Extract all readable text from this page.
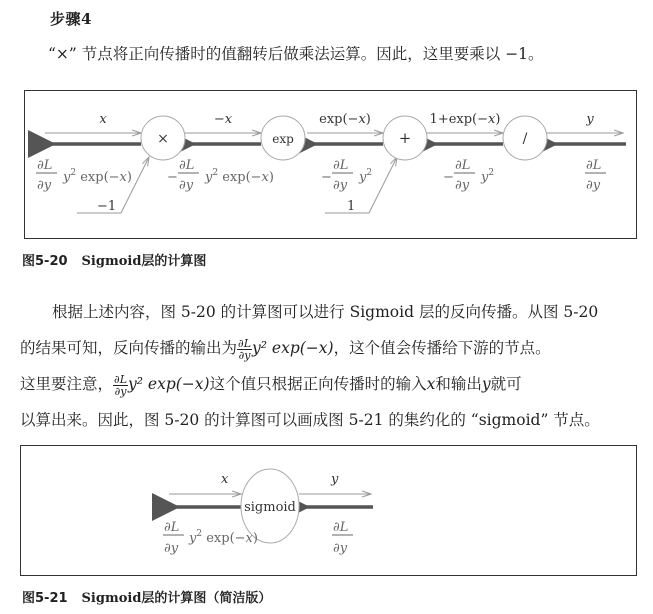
步骤4
“×” 节点将正向传播时的值翻转后做乘法运算。因此，这里要乘以 −1。
×	exp	+	/
x	−x	exp(−x)	1+exp(−x)	y
∂L
∂y
$y^2$ exp(−x)	−
∂L
∂y
$y^2$ exp(−x)	−
∂L
∂y
$y^2$	−
∂L
∂y
$y^2$	∂L
∂y
−1	1
图5-20 Sigmoid层的计算图
根据上述内容，图 5-20 的计算图可以进行 Sigmoid 层的反向传播。从图 5-20
的结果可知，反向传播的输出为 $\frac{\partial L}{\partial y} y^2$ exp(−x)，这个值会传播给下游的节点。
这里要注意， $\frac{\partial L}{\partial y} y^2$ exp(−x)这个值只根据正向传播时的输入x和输出y就可
以算出来。因此，图 5-20 的计算图可以画成图 5-21 的集约化的 “sigmoid” 节点。
sigmoid
x	y
∂L
∂y
$y^2$ exp(−x)
∂L
∂y
图5-21 Sigmoid层的计算图（简洁版）
